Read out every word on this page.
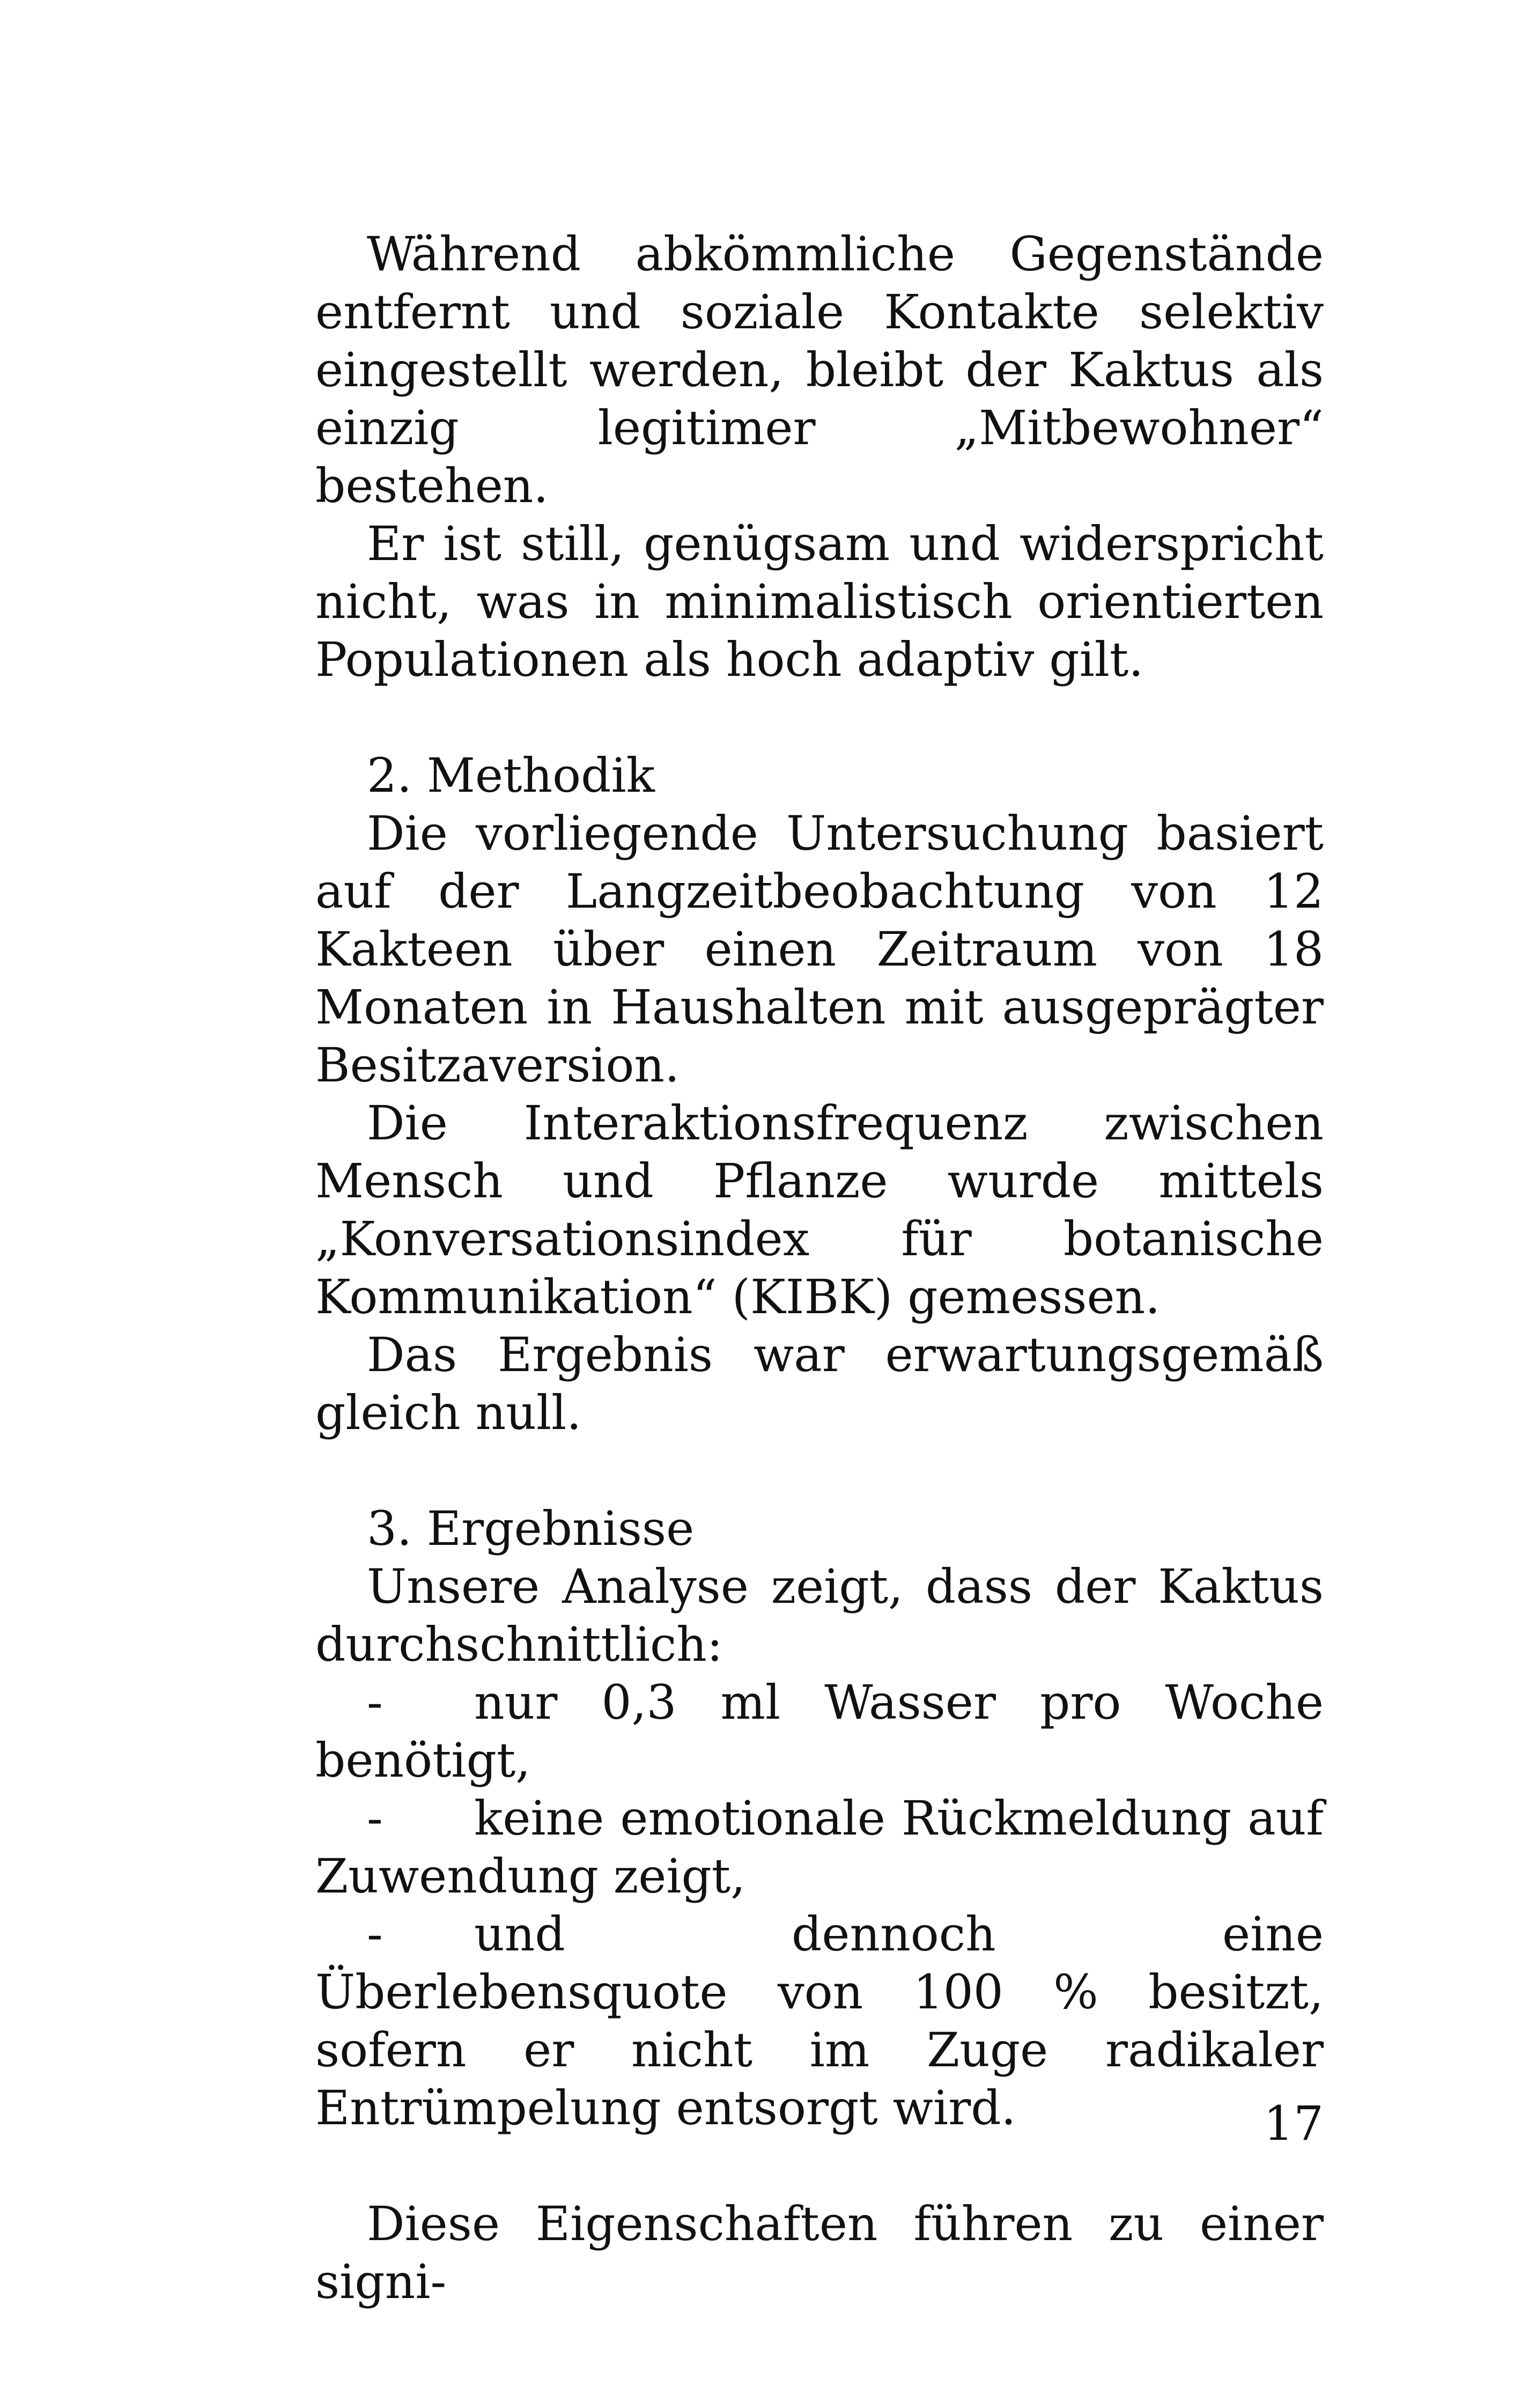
Während abkömmliche Gegenstände entfernt und soziale Kontakte selektiv eingestellt werden, bleibt der Kaktus als einzig legitimer „Mitbewohner“ bestehen.

Er ist still, genügsam und widerspricht nicht, was in minimalistisch orientierten Populationen als hoch adaptiv gilt.

2. Methodik

Die vorliegende Untersuchung basiert auf der Langzeitbeobachtung von 12 Kakteen über einen Zeitraum von 18 Monaten in Haushalten mit ausgeprägter Besitzaversion.

Die Interaktionsfrequenz zwischen Mensch und Pflanze wurde mittels „Konversationsindex für botanische Kommunikation“ (KIBK) gemessen.

Das Ergebnis war erwartungsgemäß gleich null.

3. Ergebnisse

Unsere Analyse zeigt, dass der Kaktus durchschnittlich:

- nur 0,3 ml Wasser pro Woche benötigt,

- keine emotionale Rückmeldung auf Zuwendung zeigt,

- und dennoch eine Überlebensquote von 100 % besitzt, sofern er nicht im Zuge radikaler Entrümpelung entsorgt wird.

Diese Eigenschaften führen zu einer signi-

17
